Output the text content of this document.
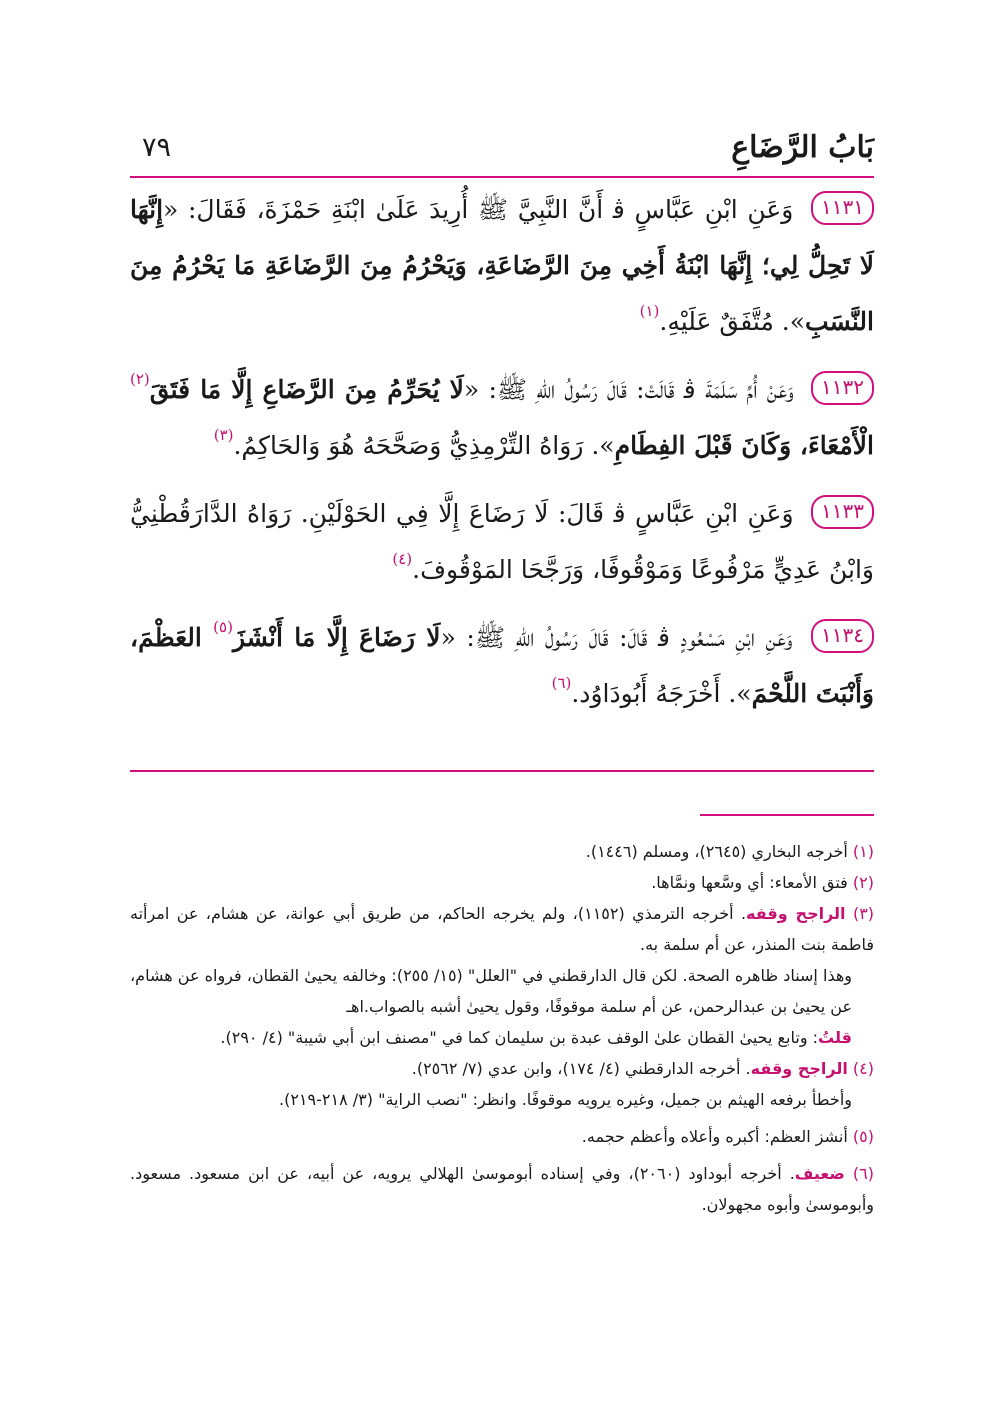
بَابُ الرَّضَاعِ
٧٩

١١٣١ وَعَنِ ابْنِ عَبَّاسٍ ﭬ أَنَّ النَّبِيَّ ﷺ أُرِيدَ عَلَىٰ ابْنَةِ حَمْزَةَ، فَقَالَ: «إِنَّهَا لَا تَحِلُّ لِي؛ إِنَّهَا ابْنَةُ أَخِي مِنَ الرَّضَاعَةِ، وَيَحْرُمُ مِنَ الرَّضَاعَةِ مَا يَحْرُمُ مِنَ النَّسَبِ». مُتَّفَقٌ عَلَيْهِ.$^{(١)}$

١١٣٢ وَعَنْ أُمِّ سَلَمَةَ ﭬ قَالَتْ: قَالَ رَسُولُ اللهِ ﷺ: «لَا يُحَرِّمُ مِنَ الرَّضَاعِ إِلَّا مَا فَتَقَ$^{(٢)}$ الْأَمْعَاءَ، وَكَانَ قَبْلَ الفِطَامِ». رَوَاهُ التِّرْمِذِيُّ وَصَحَّحَهُ هُوَ وَالحَاكِمُ.$^{(٣)}$

١١٣٣ وَعَنِ ابْنِ عَبَّاسٍ ﭬ قَالَ: لَا رَضَاعَ إِلَّا فِي الحَوْلَيْنِ. رَوَاهُ الدَّارَقُطْنِيُّ وَابْنُ عَدِيٍّ مَرْفُوعًا وَمَوْقُوفًا، وَرَجَّحَا المَوْقُوفَ.$^{(٤)}$

١١٣٤ وَعَنِ ابْنِ مَسْعُودٍ ﭬ قَالَ: قَالَ رَسُولُ اللهِ ﷺ: «لَا رَضَاعَ إِلَّا مَا أَنْشَزَ$^{(٥)}$ العَظْمَ، وَأَنْبَتَ اللَّحْمَ». أَخْرَجَهُ أَبُودَاوُد.$^{(٦)}$

(١) أخرجه البخاري (٢٦٤٥)، ومسلم (١٤٤٦).

(٢) فتق الأمعاء: أي وسَّعها ونمَّاها.

(٣) الراجح وقفه. أخرجه الترمذي (١١٥٢)، ولم يخرجه الحاكم، من طريق أبي عوانة، عن هشام، عن امرأته فاطمة بنت المنذر، عن أم سلمة به.

وهذا إسناد ظاهره الصحة. لكن قال الدارقطني في "العلل" (١٥/ ٢٥٥): وخالفه يحيىٰ القطان، فرواه عن هشام، عن يحيىٰ بن عبدالرحمن، عن أم سلمة موقوفًا، وقول يحيىٰ أشبه بالصواب.اهـ

قلتُ: وتابع يحيىٰ القطان علىٰ الوقف عبدة بن سليمان كما في "مصنف ابن أبي شيبة" (٤/ ٢٩٠).

(٤) الراجح وقفه. أخرجه الدارقطني (٤/ ١٧٤)، وابن عدي (٧/ ٢٥٦٢).

وأخطأ برفعه الهيثم بن جميل، وغيره يرويه موقوفًا. وانظر: "نصب الراية" (٣/ ٢١٨-٢١٩).

(٥) أنشز العظم: أكبره وأعلاه وأعظم حجمه.

(٦) ضعيف. أخرجه أبوداود (٢٠٦٠)، وفي إسناده أبوموسىٰ الهلالي يرويه، عن أبيه، عن ابن مسعود. مسعود. وأبوموسىٰ وأبوه مجهولان.
